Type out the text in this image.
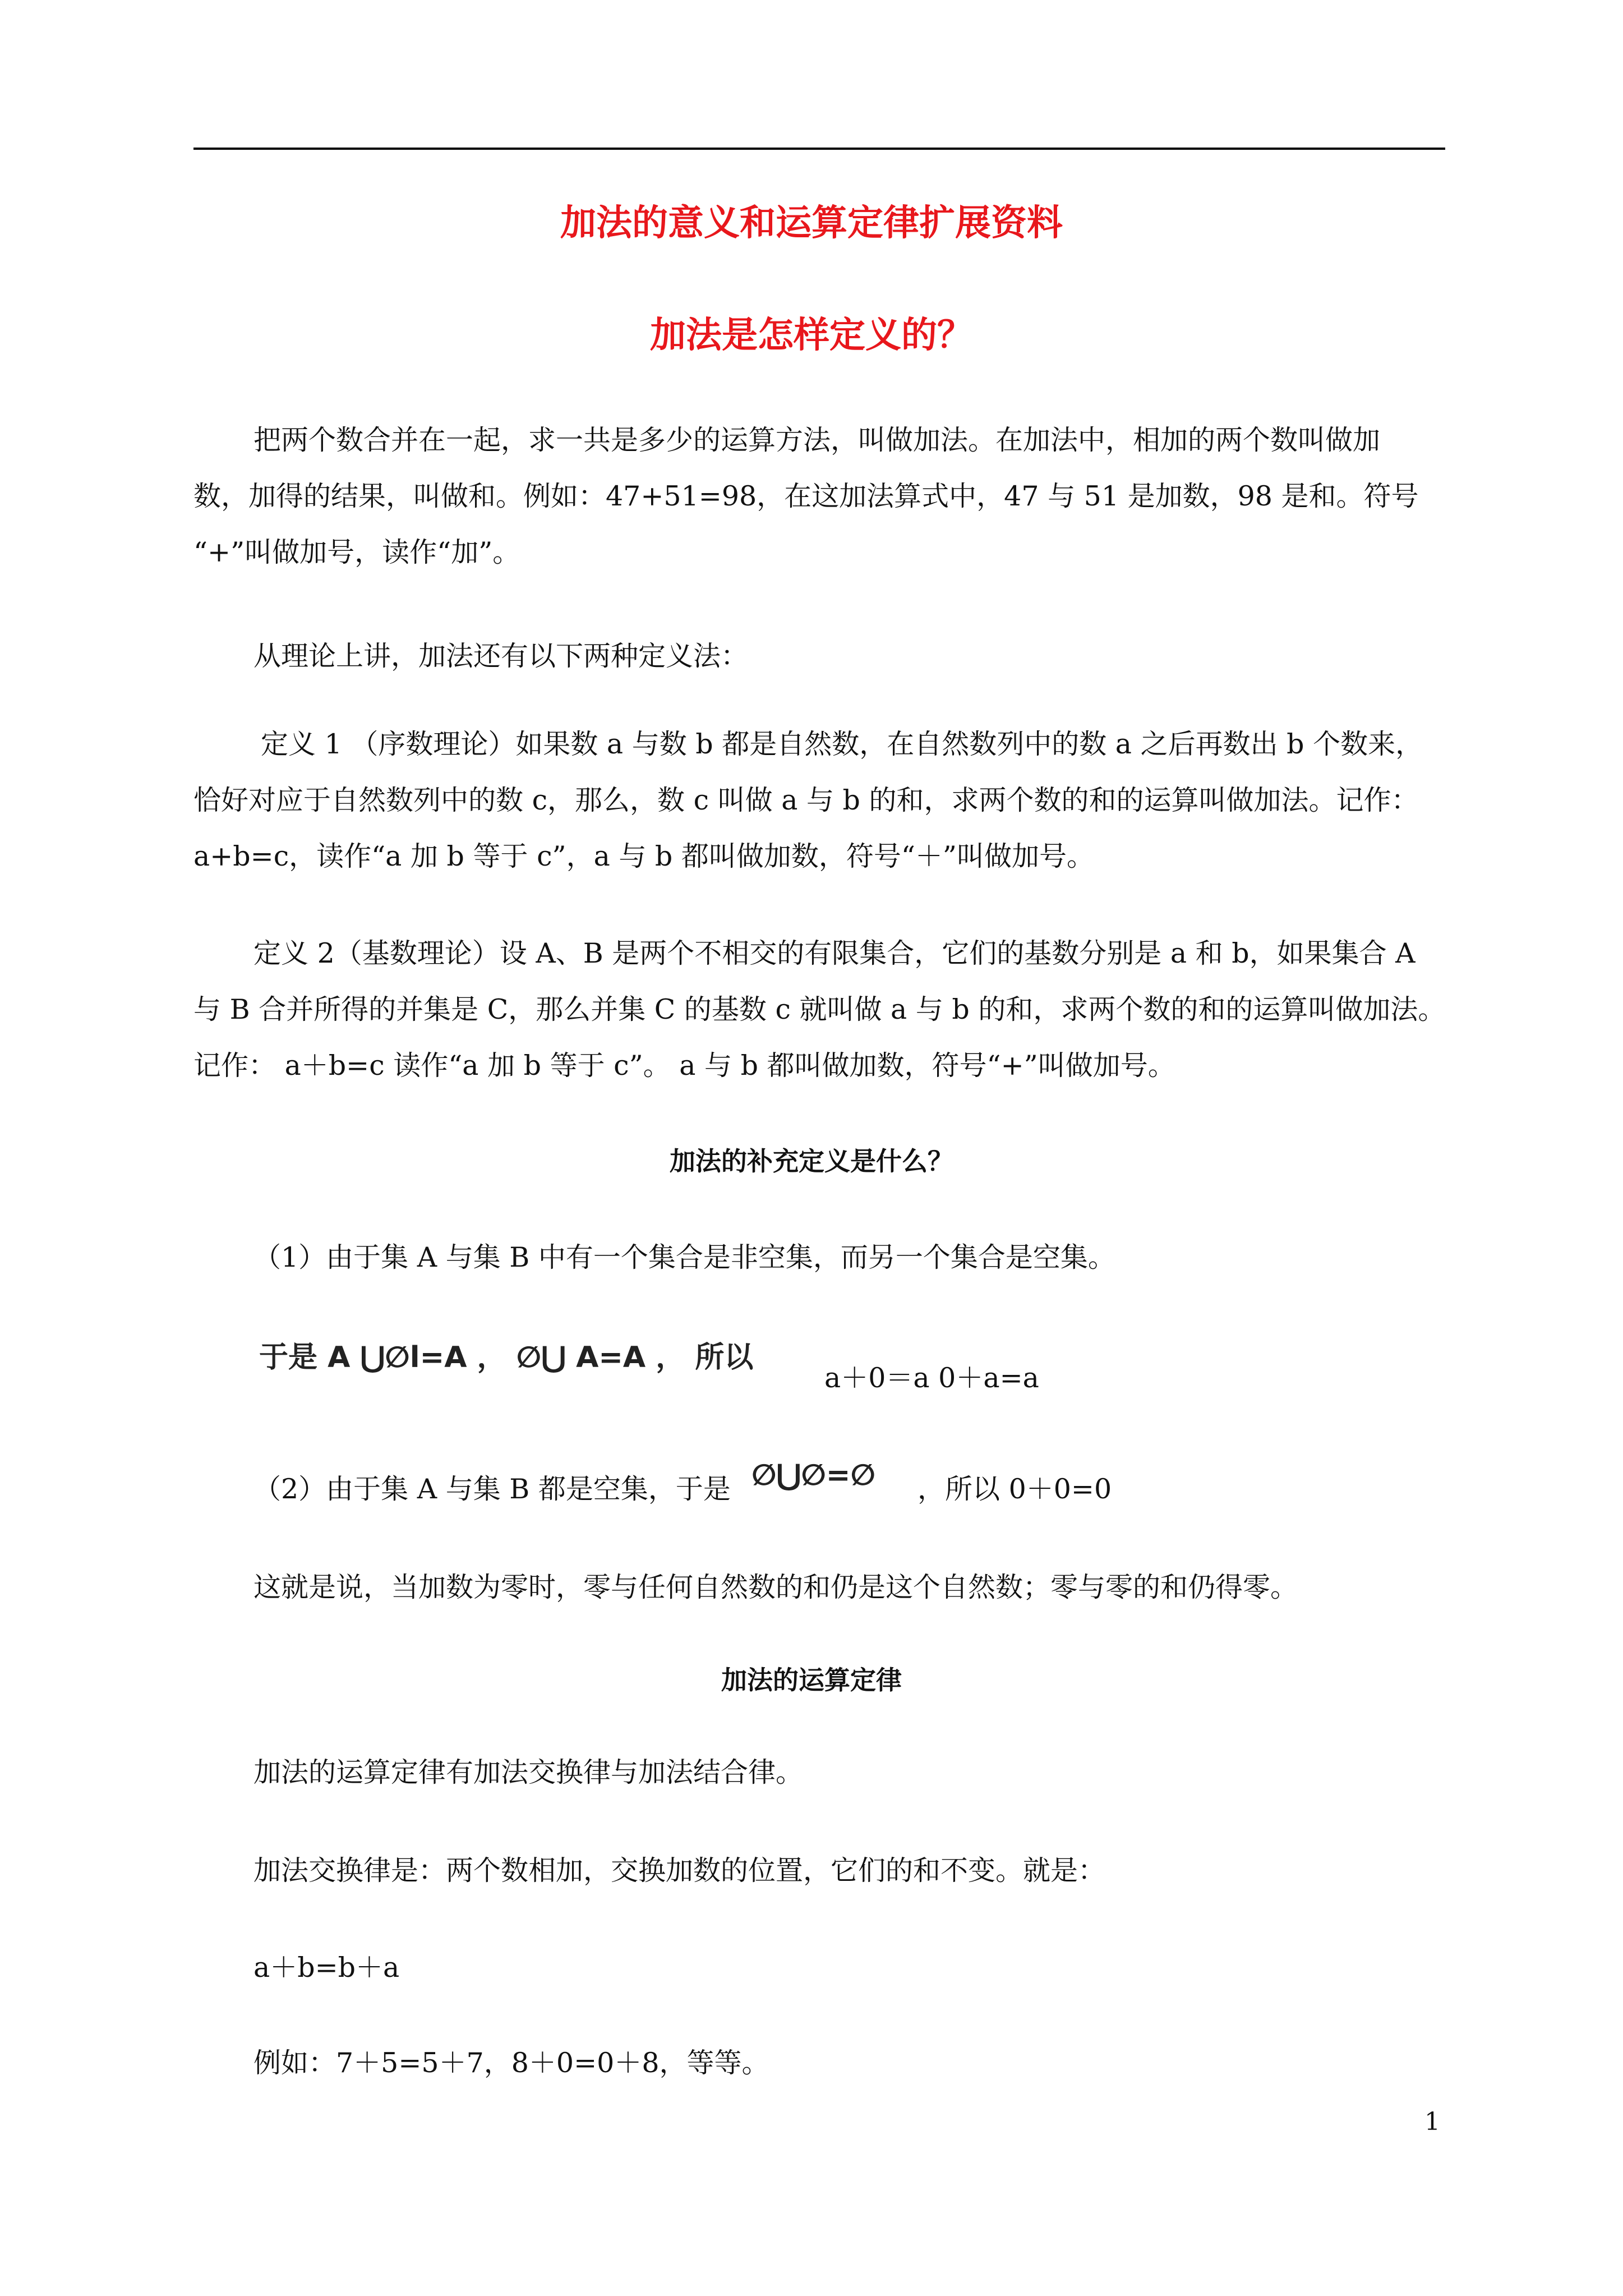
加法的意义和运算定律扩展资料
加法是怎样定义的？
把两个数合并在一起，求一共是多少的运算方法，叫做加法。在加法中，相加的两个数叫做加
数，加得的结果，叫做和。例如：47+51=98，在这加法算式中，47 与 51 是加数，98 是和。符号
“+”叫做加号，读作“加”。
从理论上讲，加法还有以下两种定义法：
定义 1 （序数理论）如果数 a 与数 b 都是自然数，在自然数列中的数 a 之后再数出 b 个数来，
恰好对应于自然数列中的数 c，那么，数 c 叫做 a 与 b 的和，求两个数的和的运算叫做加法。记作：
a+b=c，读作“a 加 b 等于 c”，a 与 b 都叫做加数，符号“＋”叫做加号。
定义 2（基数理论）设 A、B 是两个不相交的有限集合，它们的基数分别是 a 和 b，如果集合 A
与 B 合并所得的并集是 C，那么并集 C 的基数 c 就叫做 a 与 b 的和，求两个数的和的运算叫做加法。
记作： a＋b=c 读作“a 加 b 等于 c”。 a 与 b 都叫做加数，符号“+”叫做加号。
加法的补充定义是什么？
（1）由于集 A 与集 B 中有一个集合是非空集，而另一个集合是空集。
于是 A ⋃∅l=A ， ∅⋃ A=A ， 所以
a＋0＝a 0＋a=a
（2）由于集 A 与集 B 都是空集，于是 ∅⋃∅=∅ ，所以 0＋0=0
这就是说，当加数为零时，零与任何自然数的和仍是这个自然数；零与零的和仍得零。
加法的运算定律
加法的运算定律有加法交换律与加法结合律。
加法交换律是：两个数相加，交换加数的位置，它们的和不变。就是：
a＋b=b＋a
例如：7＋5=5＋7，8＋0=0＋8，等等。
1
